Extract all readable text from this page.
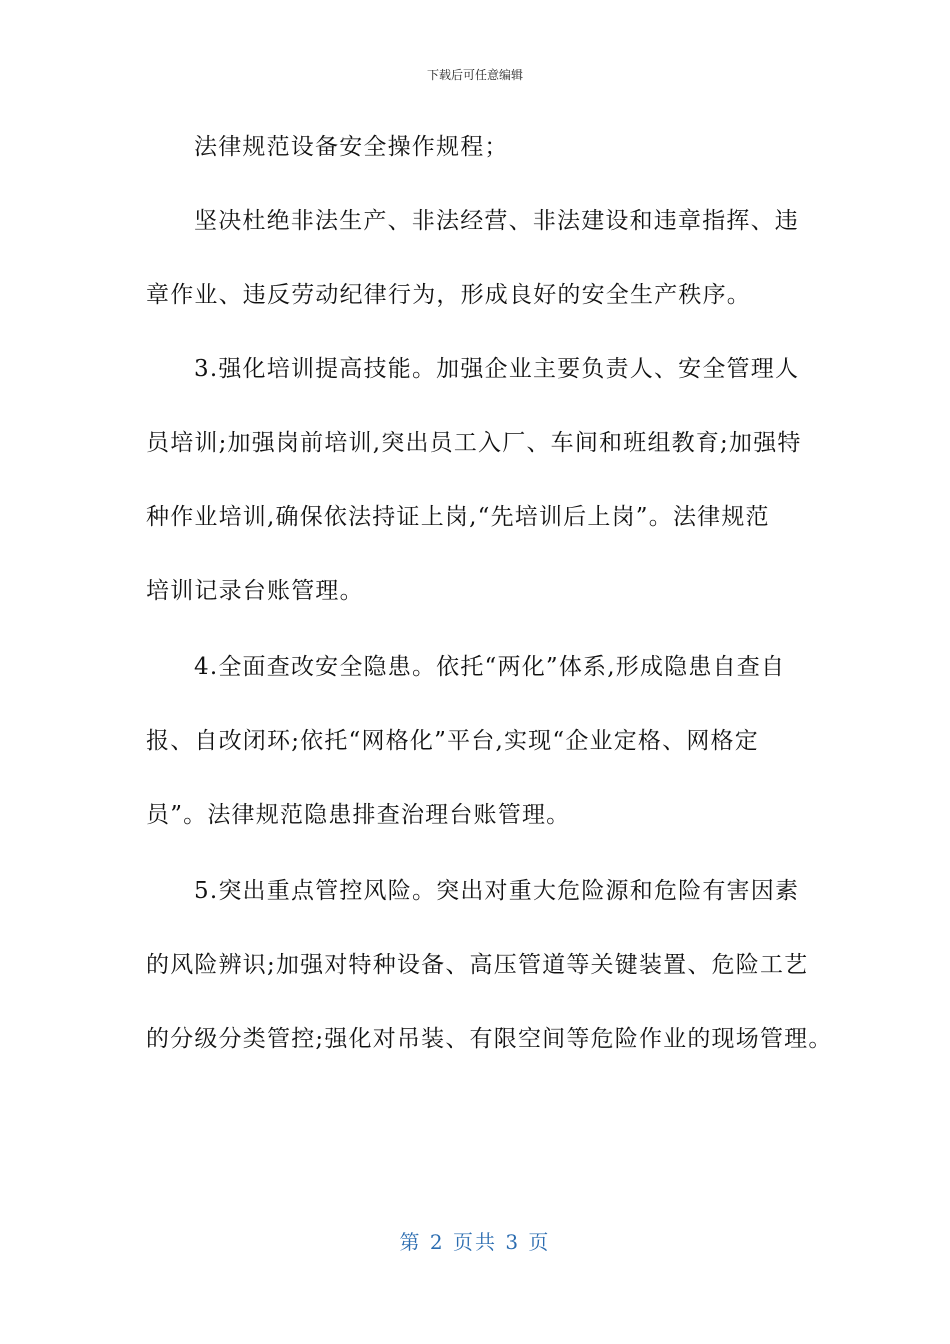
下载后可任意编辑
法律规范设备安全操作规程；
坚决杜绝非法生产、非法经营、非法建设和违章指挥、违
章作业、违反劳动纪律行为，形成良好的安全生产秩序。
3.强化培训提高技能。加强企业主要负责人、安全管理人
员培训;加强岗前培训,突出员工入厂、车间和班组教育;加强特
种作业培训,确保依法持证上岗,“先培训后上岗”。法律规范
培训记录台账管理。
4.全面查改安全隐患。依托“两化”体系,形成隐患自查自
报、自改闭环;依托“网格化”平台,实现“企业定格、网格定
员”。法律规范隐患排查治理台账管理。
5.突出重点管控风险。突出对重大危险源和危险有害因素
的风险辨识;加强对特种设备、高压管道等关键装置、危险工艺
的分级分类管控;强化对吊装、有限空间等危险作业的现场管理。
第 2 页共 3 页
